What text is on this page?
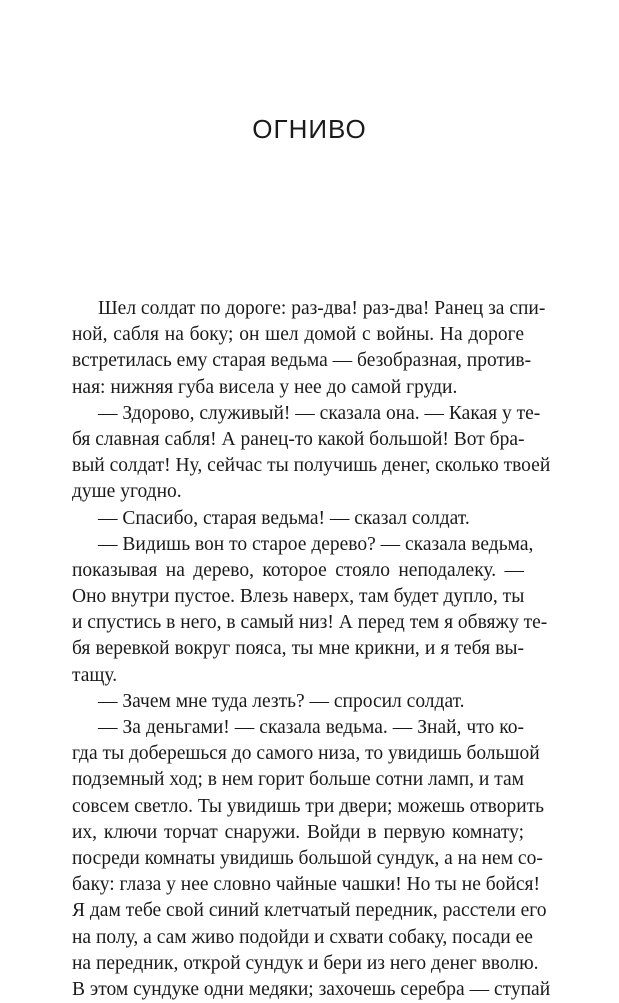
ОГНИВО
Шел солдат по дороге: раз-два! раз-два! Ранец за спи-
ной, сабля на боку; он шел домой с войны. На дороге
встретилась ему старая ведьма — безобразная, против-
ная: нижняя губа висела у нее до самой груди.
— Здорово, служивый! — сказала она. — Какая у те-
бя славная сабля! А ранец-то какой большой! Вот бра-
вый солдат! Ну, сейчас ты получишь денег, сколько твоей
душе угодно.
— Спасибо, старая ведьма! — сказал солдат.
— Видишь вон то старое дерево? — сказала ведьма,
показывая на дерево, которое стояло неподалеку. —
Оно внутри пустое. Влезь наверх, там будет дупло, ты
и спустись в него, в самый низ! А перед тем я обвяжу те-
бя веревкой вокруг пояса, ты мне крикни, и я тебя вы-
тащу.
— Зачем мне туда лезть? — спросил солдат.
— За деньгами! — сказала ведьма. — Знай, что ко-
гда ты доберешься до самого низа, то увидишь большой
подземный ход; в нем горит больше сотни ламп, и там
совсем светло. Ты увидишь три двери; можешь отворить
их, ключи торчат снаружи. Войди в первую комнату;
посреди комнаты увидишь большой сундук, а на нем со-
баку: глаза у нее словно чайные чашки! Но ты не бойся!
Я дам тебе свой синий клетчатый передник, расстели его
на полу, а сам живо подойди и схвати собаку, посади ее
на передник, открой сундук и бери из него денег вволю.
В этом сундуке одни медяки; захочешь серебра — ступай
